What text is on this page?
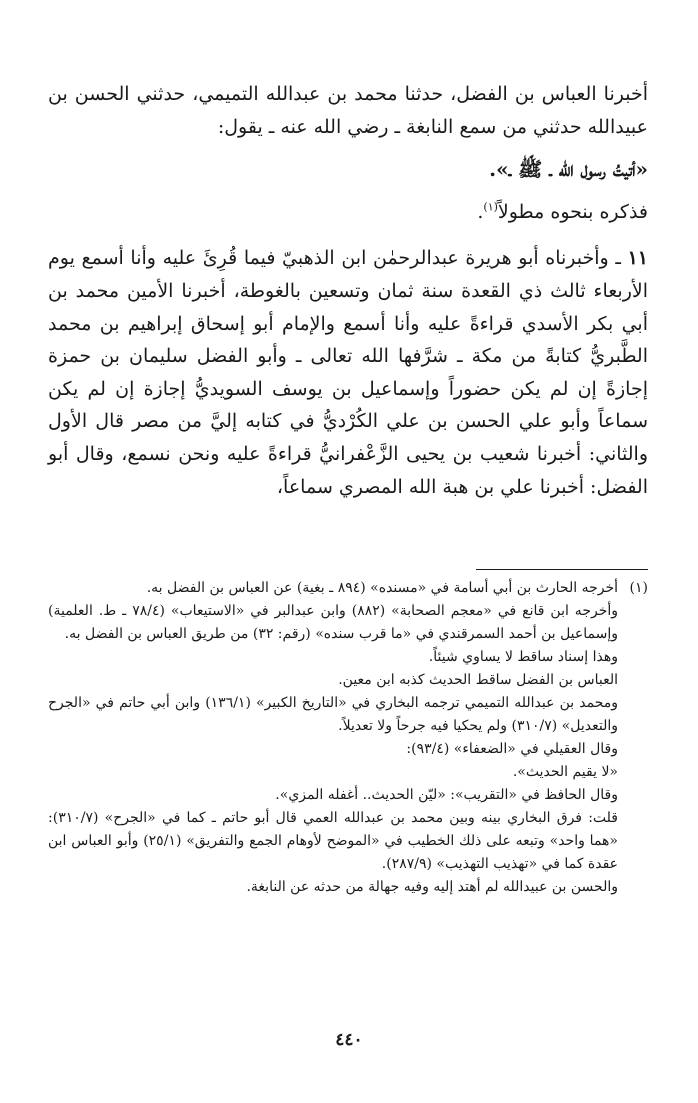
أخبرنا العباس بن الفضل، حدثنا محمد بن عبدالله التميمي، حدثني الحسن بن عبيدالله حدثني من سمع النابغة ـ رضي الله عنه ـ يقول:

«أتيتُ رسول الله ـ ﷺ ـ».

فذكره بنحوه مطولاً$^{(١)}$.

١١ ـ وأخبرناه أبو هريرة عبدالرحمٰن ابن الذهبيّ فيما قُرِئَ عليه وأنا أسمع يوم الأربعاء ثالث ذي القعدة سنة ثمان وتسعين بالغوطة، أخبرنا الأمين محمد بن أبي بكر الأسدي قراءةً عليه وأنا أسمع والإمام أبو إسحاق إبراهيم بن محمد الطَّبريُّ كتابةً من مكة ـ شرَّفها الله تعالى ـ وأبو الفضل سليمان بن حمزة إجازةً إن لم يكن حضوراً وإسماعيل بن يوسف السويديُّ إجازة إن لم يكن سماعاً وأبو علي الحسن بن علي الكُرْديُّ في كتابه إليَّ من مصر قال الأول والثاني: أخبرنا شعيب بن يحيى الزَّعْفرانيُّ قراءةً عليه ونحن نسمع، وقال أبو الفضل: أخبرنا علي بن هبة الله المصري سماعاً،

(١)
أخرجه الحارث بن أبي أسامة في «مسنده» (٨٩٤ ـ بغية) عن العباس بن الفضل به.

وأخرجه ابن قانع في «معجم الصحابة» (٨٨٢) وابن عبدالبر في «الاستيعاب» (٧٨/٤ ـ ط. العلمية) وإسماعيل بن أحمد السمرقندي في «ما قرب سنده» (رقم: ٣٢) من طريق العباس بن الفضل به.

وهذا إسناد ساقط لا يساوي شيئاً.

العباس بن الفضل ساقط الحديث كذبه ابن معين.

ومحمد بن عبدالله التميمي ترجمه البخاري في «التاريخ الكبير» (١٣٦/١) وابن أبي حاتم في «الجرح والتعديل» (٣١٠/٧) ولم يحكيا فيه جرحاً ولا تعديلاً.

وقال العقيلي في «الضعفاء» (٩٣/٤):

«لا يقيم الحديث».

وقال الحافظ في «التقريب»: «ليّن الحديث.. أغفله المزي».

قلت: فرق البخاري بينه وبين محمد بن عبدالله العمي قال أبو حاتم ـ كما في «الجرح» (٣١٠/٧): «هما واحد» وتبعه على ذلك الخطيب في «الموضح لأوهام الجمع والتفريق» (٢٥/١) وأبو العباس ابن عقدة كما في «تهذيب التهذيب» (٢٨٧/٩).

والحسن بن عبيدالله لم أهتد إليه وفيه جهالة من حدثه عن النابغة.

٤٤٠
